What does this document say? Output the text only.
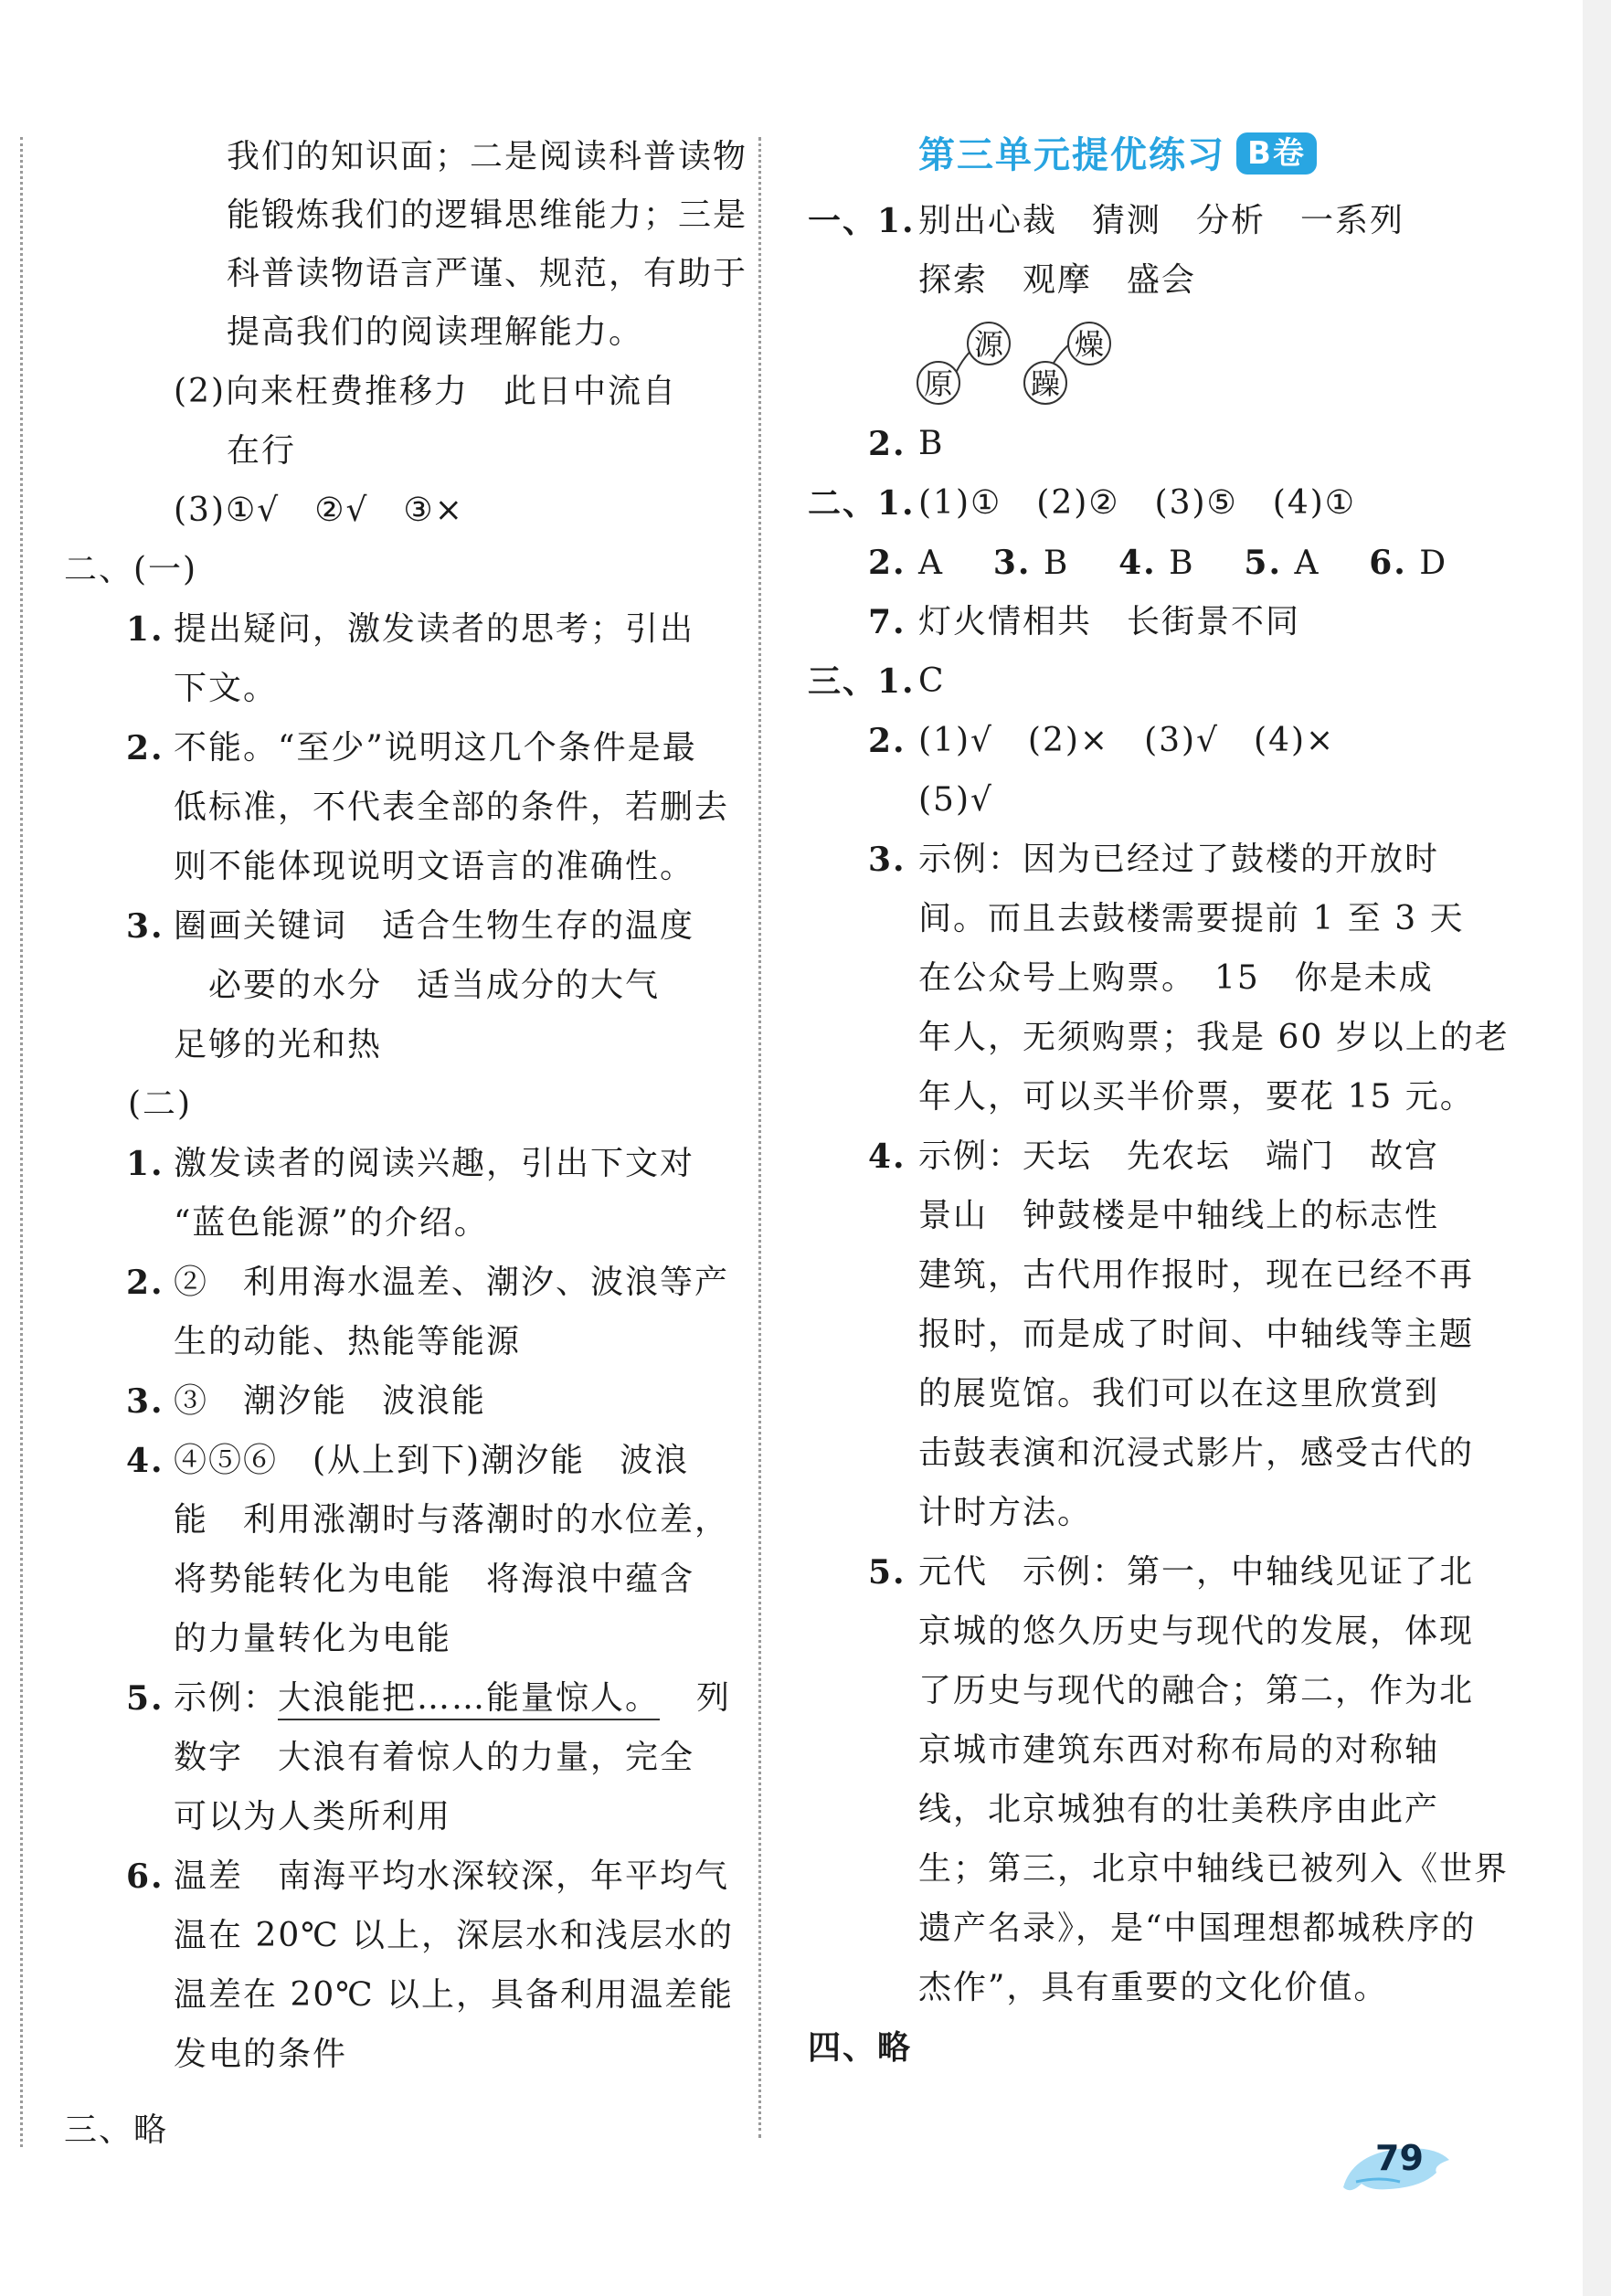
我们的知识面；二是阅读科普读物
能锻炼我们的逻辑思维能力；三是
科普读物语言严谨、规范，有助于
提高我们的阅读理解能力。
(2)向来枉费推移力　此日中流自
在行
(3)①√　②√　③×
二、(一)
1. 提出疑问，激发读者的思考；引出
下文。
2. 不能。“至少”说明这几个条件是最
低标准，不代表全部的条件，若删去
则不能体现说明文语言的准确性。
3. 圈画关键词　适合生物生存的温度
必要的水分　适当成分的大气
足够的光和热
(二)
1. 激发读者的阅读兴趣，引出下文对
“蓝色能源”的介绍。
2. ②　利用海水温差、潮汐、波浪等产
生的动能、热能等能源
3. ③　潮汐能　波浪能
4. ④⑤⑥　(从上到下)潮汐能　波浪
能　利用涨潮时与落潮时的水位差，
将势能转化为电能　将海浪中蕴含
的力量转化为电能
5. 示例：大浪能把……能量惊人。 列
数字　大浪有着惊人的力量，完全
可以为人类所利用
6. 温差　南海平均水深较深，年平均气
温在 20℃ 以上，深层水和浅层水的
温差在 20℃ 以上，具备利用温差能
发电的条件
三、略
第三单元提优练习 B卷
一、1. 别出心裁　猜测　分析　一系列
探索　观摩　盛会
源
原
燥
躁
2. B
二、1. (1)①　(2)②　(3)⑤　(4)①
2. A 3. B 4. B 5. A 6. D
7. 灯火情相共　长街景不同
三、1. C
2. (1)√　(2)×　(3)√　(4)×
(5)√
3. 示例：因为已经过了鼓楼的开放时
间。而且去鼓楼需要提前 1 至 3 天
在公众号上购票。　15　你是未成
年人，无须购票；我是 60 岁以上的老
年人，可以买半价票，要花 15 元。
4. 示例：天坛　先农坛　端门　故宫
景山　钟鼓楼是中轴线上的标志性
建筑，古代用作报时，现在已经不再
报时，而是成了时间、中轴线等主题
的展览馆。我们可以在这里欣赏到
击鼓表演和沉浸式影片，感受古代的
计时方法。
5. 元代　示例：第一，中轴线见证了北
京城的悠久历史与现代的发展，体现
了历史与现代的融合；第二，作为北
京城市建筑东西对称布局的对称轴
线，北京城独有的壮美秩序由此产
生；第三，北京中轴线已被列入《世界
遗产名录》，是“中国理想都城秩序的
杰作”，具有重要的文化价值。
四、略
79
